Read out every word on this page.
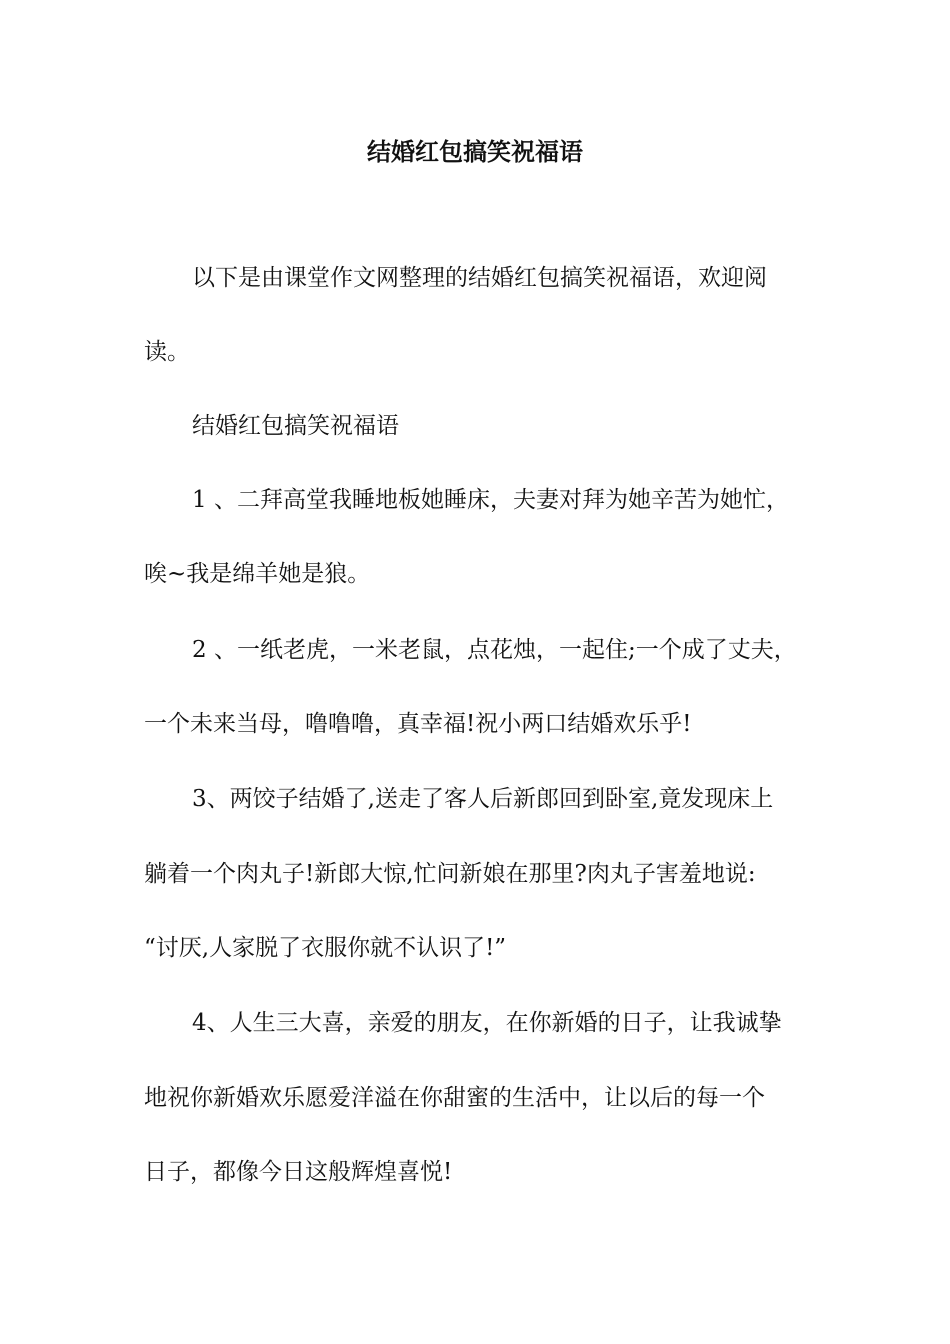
结婚红包搞笑祝福语
以下是由课堂作文网整理的结婚红包搞笑祝福语，欢迎阅
读。
结婚红包搞笑祝福语
1 、二拜高堂我睡地板她睡床，夫妻对拜为她辛苦为她忙，
唉~我是绵羊她是狼。
2 、一纸老虎，一米老鼠，点花烛，一起住;一个成了丈夫，
一个未来当母，噜噜噜，真幸福!祝小两口结婚欢乐乎!
3、两饺子结婚了,送走了客人后新郎回到卧室,竟发现床上
躺着一个肉丸子!新郎大惊,忙问新娘在那里?肉丸子害羞地说:
“讨厌,人家脱了衣服你就不认识了!”
4、人生三大喜，亲爱的朋友，在你新婚的日子，让我诚挚
地祝你新婚欢乐愿爱洋溢在你甜蜜的生活中，让以后的每一个
日子，都像今日这般辉煌喜悦!
